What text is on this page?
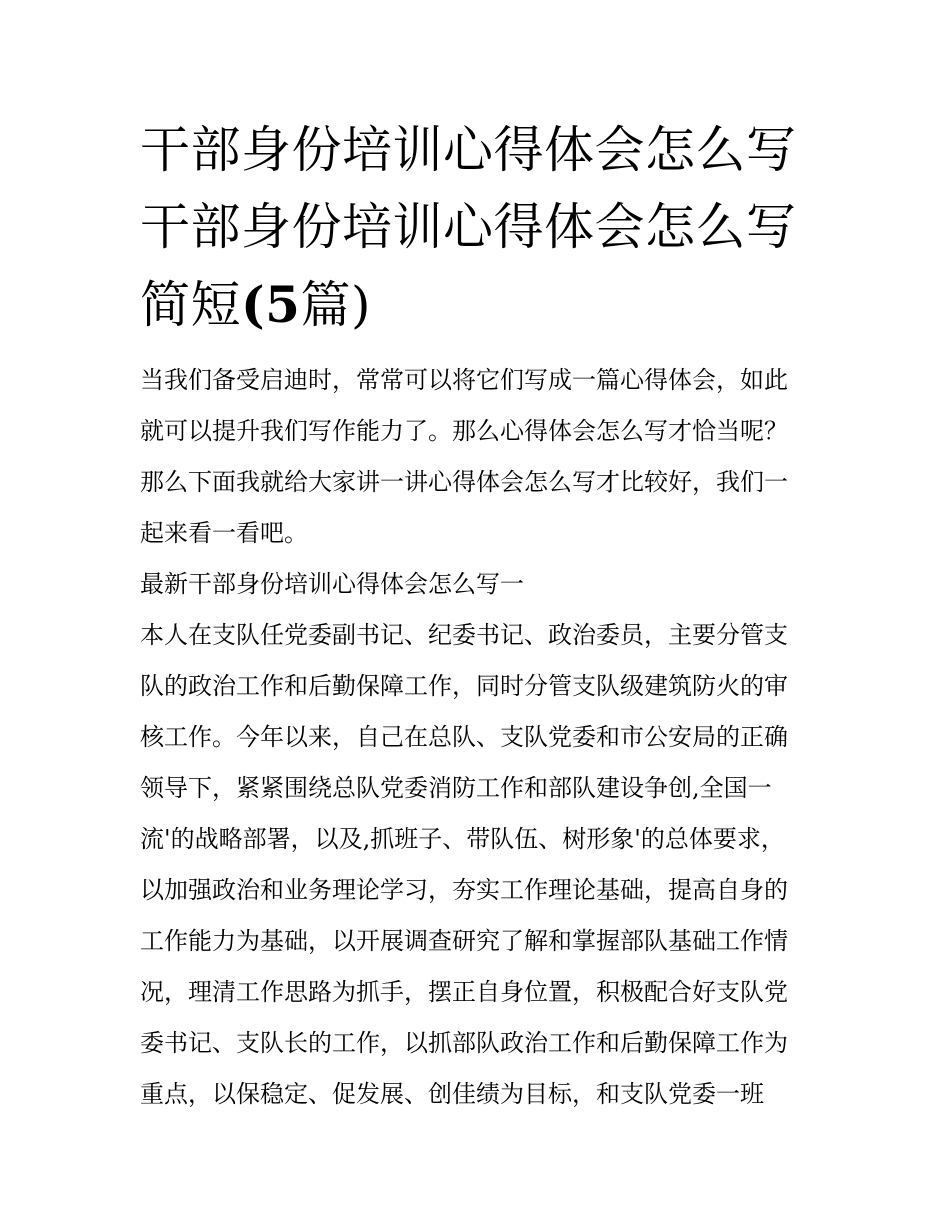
干部身份培训心得体会怎么写
干部身份培训心得体会怎么写
简短(5篇)
当我们备受启迪时，常常可以将它们写成一篇心得体会，如此
就可以提升我们写作能力了。那么心得体会怎么写才恰当呢？
那么下面我就给大家讲一讲心得体会怎么写才比较好，我们一
起来看一看吧。
最新干部身份培训心得体会怎么写一
本人在支队任党委副书记、纪委书记、政治委员，主要分管支
队的政治工作和后勤保障工作，同时分管支队级建筑防火的审
核工作。今年以来，自己在总队、支队党委和市公安局的正确
领导下，紧紧围绕总队党委消防工作和部队建设争创,全国一
流'的战略部署，以及,抓班子、带队伍、树形象'的总体要求，
以加强政治和业务理论学习，夯实工作理论基础，提高自身的
工作能力为基础，以开展调查研究了解和掌握部队基础工作情
况，理清工作思路为抓手，摆正自身位置，积极配合好支队党
委书记、支队长的工作，以抓部队政治工作和后勤保障工作为
重点，以保稳定、促发展、创佳绩为目标，和支队党委一班
